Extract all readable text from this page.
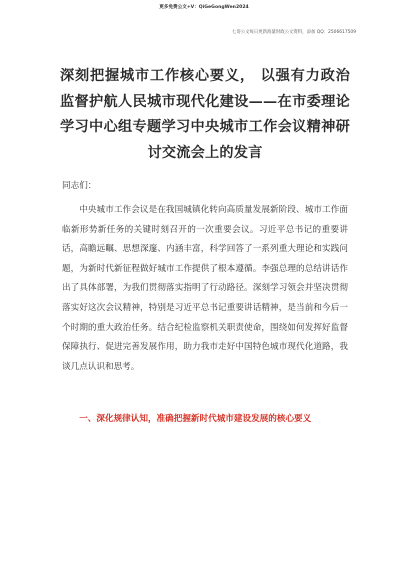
更多免费公文+V：QiGeGongWen2024
七哥公文每日更新海量时政公文资料，添加 QQ：2506617509
深刻把握城市工作核心要义， 以强有力政治监督护航人民城市现代化建设——在市委理论学习中心组专题学习中央城市工作会议精神研讨交流会上的发言
同志们：

中央城市工作会议是在我国城镇化转向高质量发展新阶段、城市工作面临新形势新任务的关键时刻召开的一次重要会议。习近平总书记的重要讲话，高瞻远瞩、思想深邃、内涵丰富，科学回答了一系列重大理论和实践问题，为新时代新征程做好城市工作提供了根本遵循。李强总理的总结讲话作出了具体部署，为我们贯彻落实指明了行动路径。深刻学习领会并坚决贯彻落实好这次会议精神，特别是习近平总书记重要讲话精神，是当前和今后一个时期的重大政治任务。结合纪检监察机关职责使命，围绕如何发挥好监督保障执行、促进完善发展作用，助力我市走好中国特色城市现代化道路，我谈几点认识和思考。

一、深化规律认知，准确把握新时代城市建设发展的核心要义
